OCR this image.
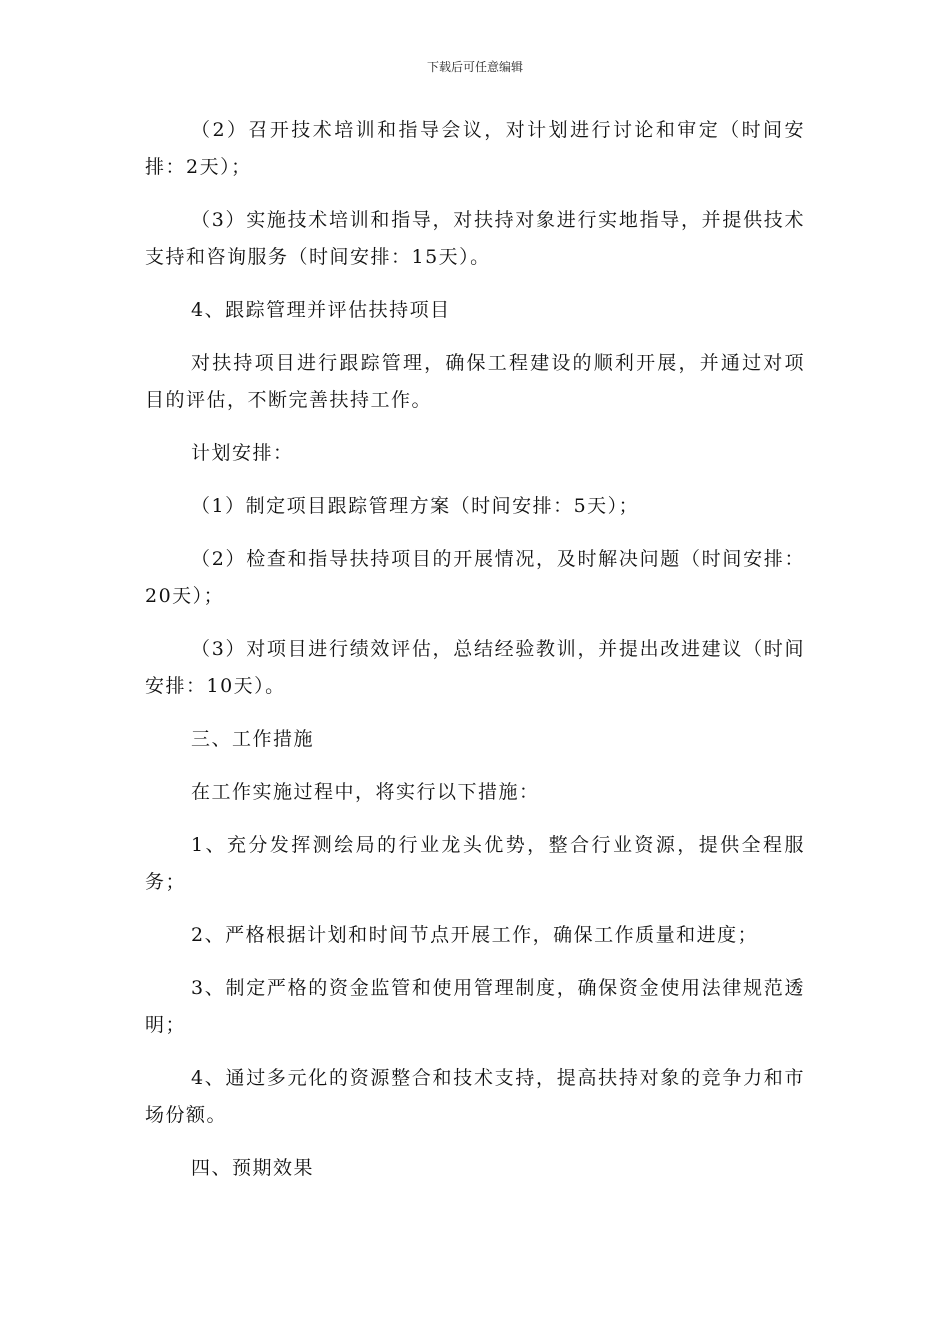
下载后可任意编辑

（2）召开技术培训和指导会议，对计划进行讨论和审定（时间安排：2天）；

（3）实施技术培训和指导，对扶持对象进行实地指导，并提供技术支持和咨询服务（时间安排：15天）。

4、跟踪管理并评估扶持项目

对扶持项目进行跟踪管理，确保工程建设的顺利开展，并通过对项目的评估，不断完善扶持工作。

计划安排：

（1）制定项目跟踪管理方案（时间安排：5天）；

（2）检查和指导扶持项目的开展情况，及时解决问题（时间安排：20天）；

（3）对项目进行绩效评估，总结经验教训，并提出改进建议（时间安排：10天）。

三、工作措施

在工作实施过程中，将实行以下措施：

1、充分发挥测绘局的行业龙头优势，整合行业资源，提供全程服务；

2、严格根据计划和时间节点开展工作，确保工作质量和进度；

3、制定严格的资金监管和使用管理制度，确保资金使用法律规范透明；

4、通过多元化的资源整合和技术支持，提高扶持对象的竞争力和市场份额。

四、预期效果
